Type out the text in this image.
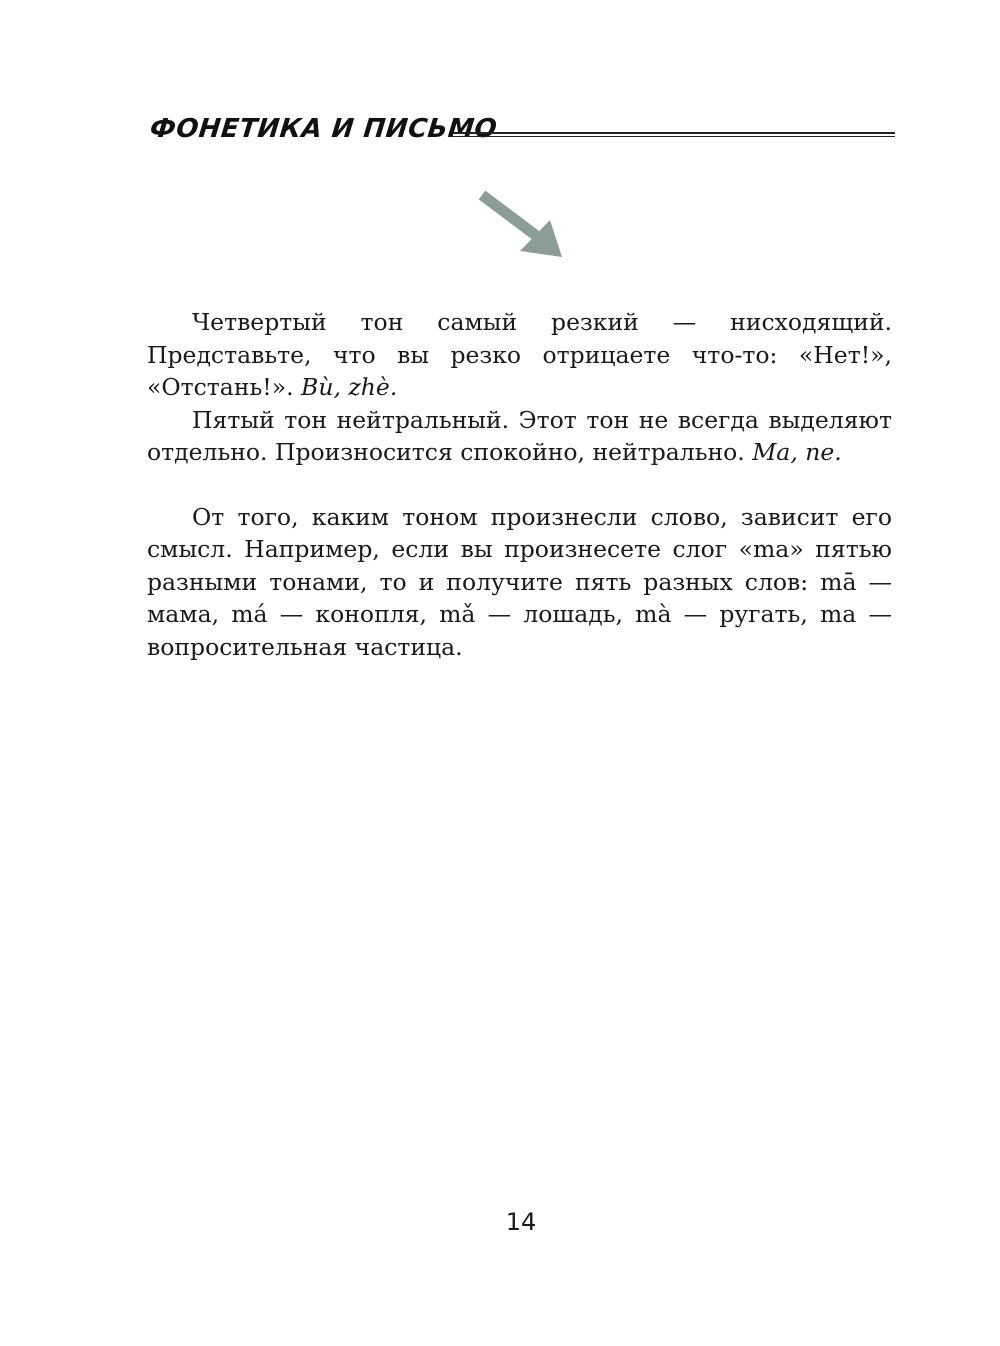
ФОНЕТИКА И ПИСЬМО

Четвертый тон самый резкий — нисходящий. Представьте, что вы резко отрицаете что-то: «Нет!», «Отстань!». Bù, zhè.

Пятый тон нейтральный. Этот тон не всегда выделяют отдельно. Произносится спокойно, нейтрально. Ma, ne.

От того, каким тоном произнесли слово, зависит его смысл. Например, если вы произнесете слог «ma» пятью разными тонами, то и получите пять разных слов: mā — мама, má — конопля, mǎ — лошадь, mà — ругать, ma — вопросительная частица.

14
